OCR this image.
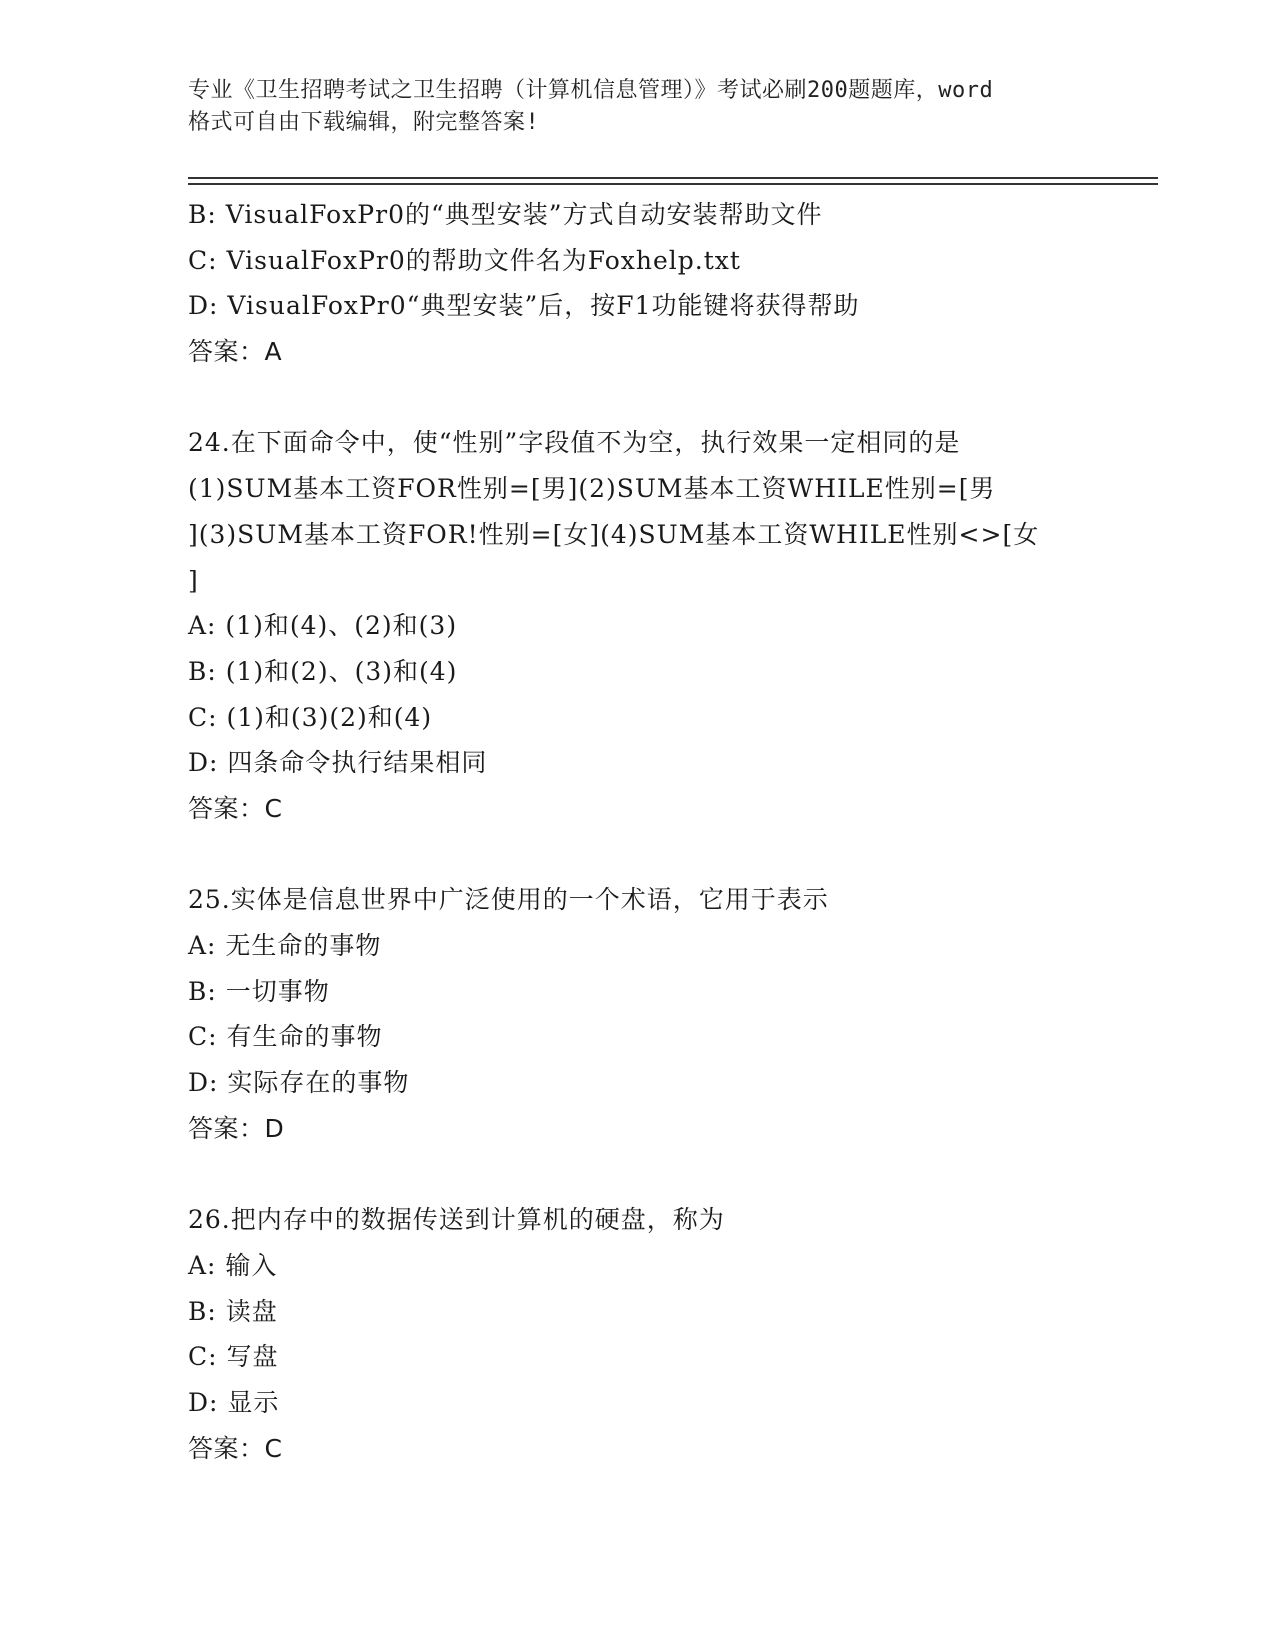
专业《卫生招聘考试之卫生招聘（计算机信息管理）》考试必刷200题题库，word
格式可自由下载编辑，附完整答案!
B: VisualFoxPr0的“典型安装”方式自动安装帮助文件
C: VisualFoxPr0的帮助文件名为Foxhelp.txt
D: VisualFoxPr0“典型安装”后，按F1功能键将获得帮助
答案：A
24.在下面命令中，使“性别”字段值不为空，执行效果一定相同的是
(1)SUM基本工资FOR性别=[男](2)SUM基本工资WHILE性别=[男
](3)SUM基本工资FOR!性别=[女](4)SUM基本工资WHILE性别<>[女
]
A: (1)和(4)、(2)和(3)
B: (1)和(2)、(3)和(4)
C: (1)和(3)(2)和(4)
D: 四条命令执行结果相同
答案：C
25.实体是信息世界中广泛使用的一个术语，它用于表示
A: 无生命的事物
B: 一切事物
C: 有生命的事物
D: 实际存在的事物
答案：D
26.把内存中的数据传送到计算机的硬盘，称为
A: 输入
B: 读盘
C: 写盘
D: 显示
答案：C
